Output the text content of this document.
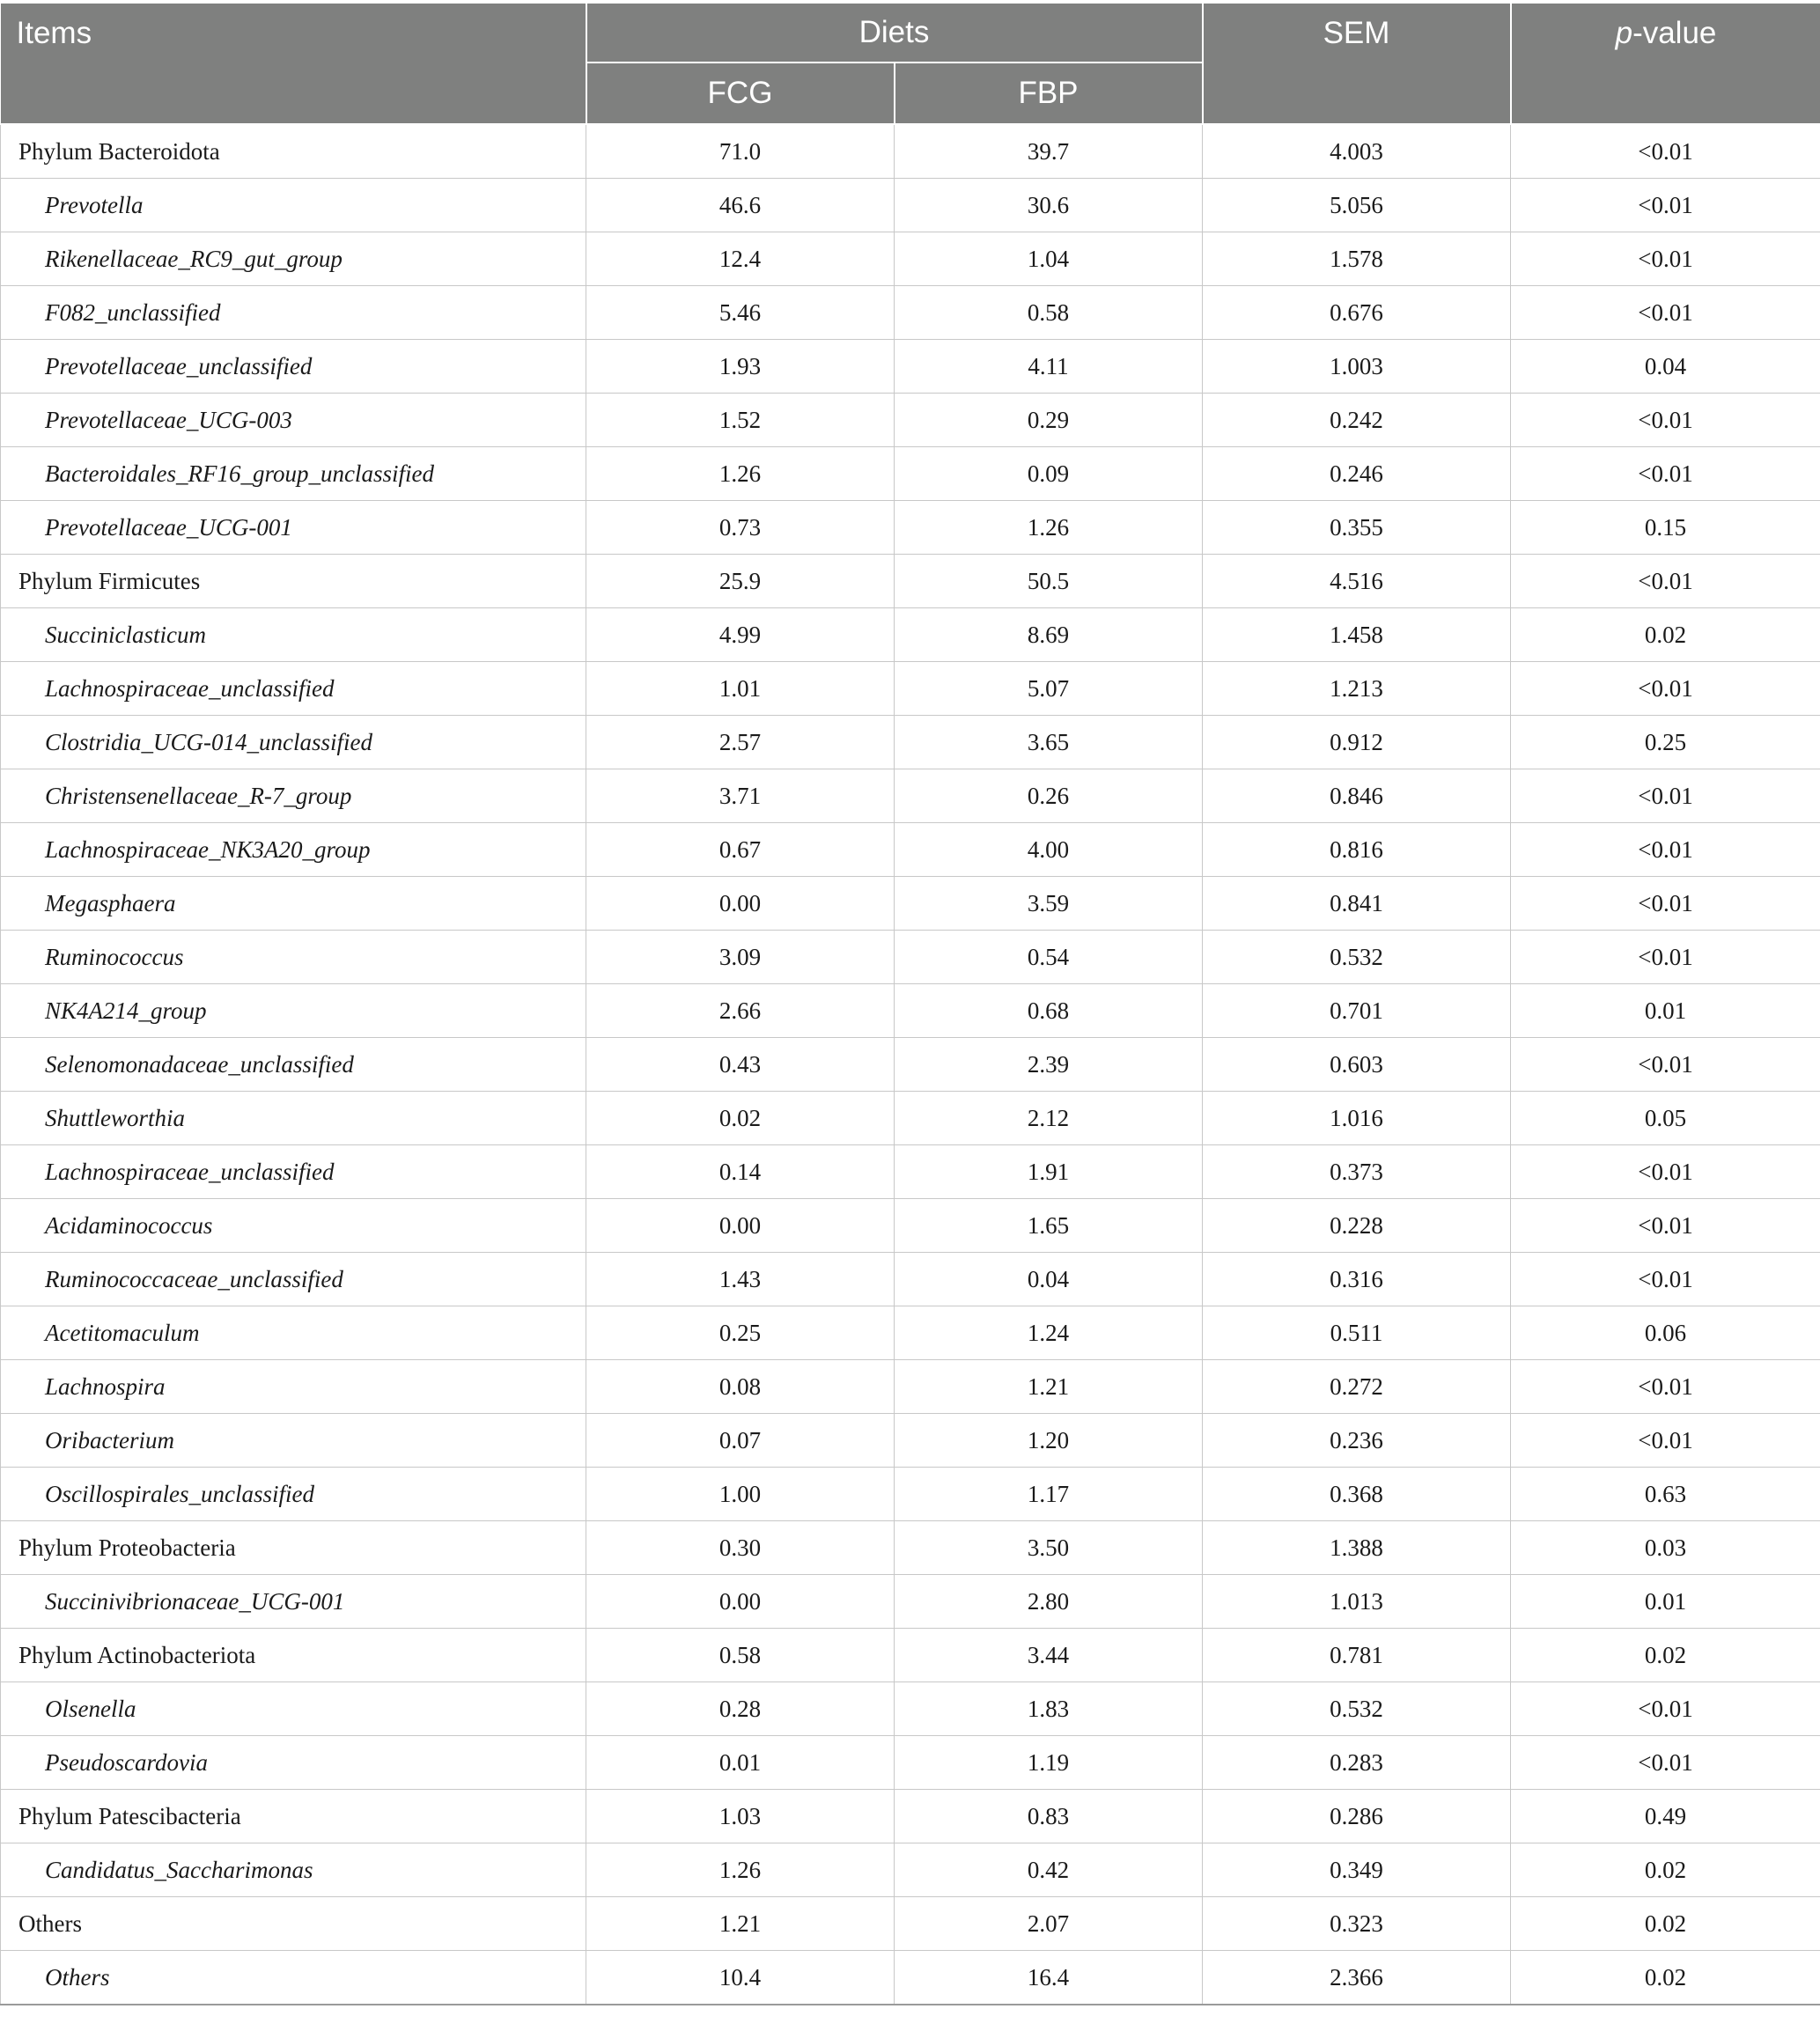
Items	Diets		SEM	p-value
	FCG	FBP		
Phylum Bacteroidota	71.0	39.7	4.003	<0.01
Prevotella	46.6	30.6	5.056	<0.01
Rikenellaceae_RC9_gut_group	12.4	1.04	1.578	<0.01
F082_unclassified	5.46	0.58	0.676	<0.01
Prevotellaceae_unclassified	1.93	4.11	1.003	0.04
Prevotellaceae_UCG-003	1.52	0.29	0.242	<0.01
Bacteroidales_RF16_group_unclassified	1.26	0.09	0.246	<0.01
Prevotellaceae_UCG-001	0.73	1.26	0.355	0.15
Phylum Firmicutes	25.9	50.5	4.516	<0.01
Succiniclasticum	4.99	8.69	1.458	0.02
Lachnospiraceae_unclassified	1.01	5.07	1.213	<0.01
Clostridia_UCG-014_unclassified	2.57	3.65	0.912	0.25
Christensenellaceae_R-7_group	3.71	0.26	0.846	<0.01
Lachnospiraceae_NK3A20_group	0.67	4.00	0.816	<0.01
Megasphaera	0.00	3.59	0.841	<0.01
Ruminococcus	3.09	0.54	0.532	<0.01
NK4A214_group	2.66	0.68	0.701	0.01
Selenomonadaceae_unclassified	0.43	2.39	0.603	<0.01
Shuttleworthia	0.02	2.12	1.016	0.05
Lachnospiraceae_unclassified	0.14	1.91	0.373	<0.01
Acidaminococcus	0.00	1.65	0.228	<0.01
Ruminococcaceae_unclassified	1.43	0.04	0.316	<0.01
Acetitomaculum	0.25	1.24	0.511	0.06
Lachnospira	0.08	1.21	0.272	<0.01
Oribacterium	0.07	1.20	0.236	<0.01
Oscillospirales_unclassified	1.00	1.17	0.368	0.63
Phylum Proteobacteria	0.30	3.50	1.388	0.03
Succinivibrionaceae_UCG-001	0.00	2.80	1.013	0.01
Phylum Actinobacteriota	0.58	3.44	0.781	0.02
Olsenella	0.28	1.83	0.532	<0.01
Pseudoscardovia	0.01	1.19	0.283	<0.01
Phylum Patescibacteria	1.03	0.83	0.286	0.49
Candidatus_Saccharimonas	1.26	0.42	0.349	0.02
Others	1.21	2.07	0.323	0.02
Others	10.4	16.4	2.366	0.02
